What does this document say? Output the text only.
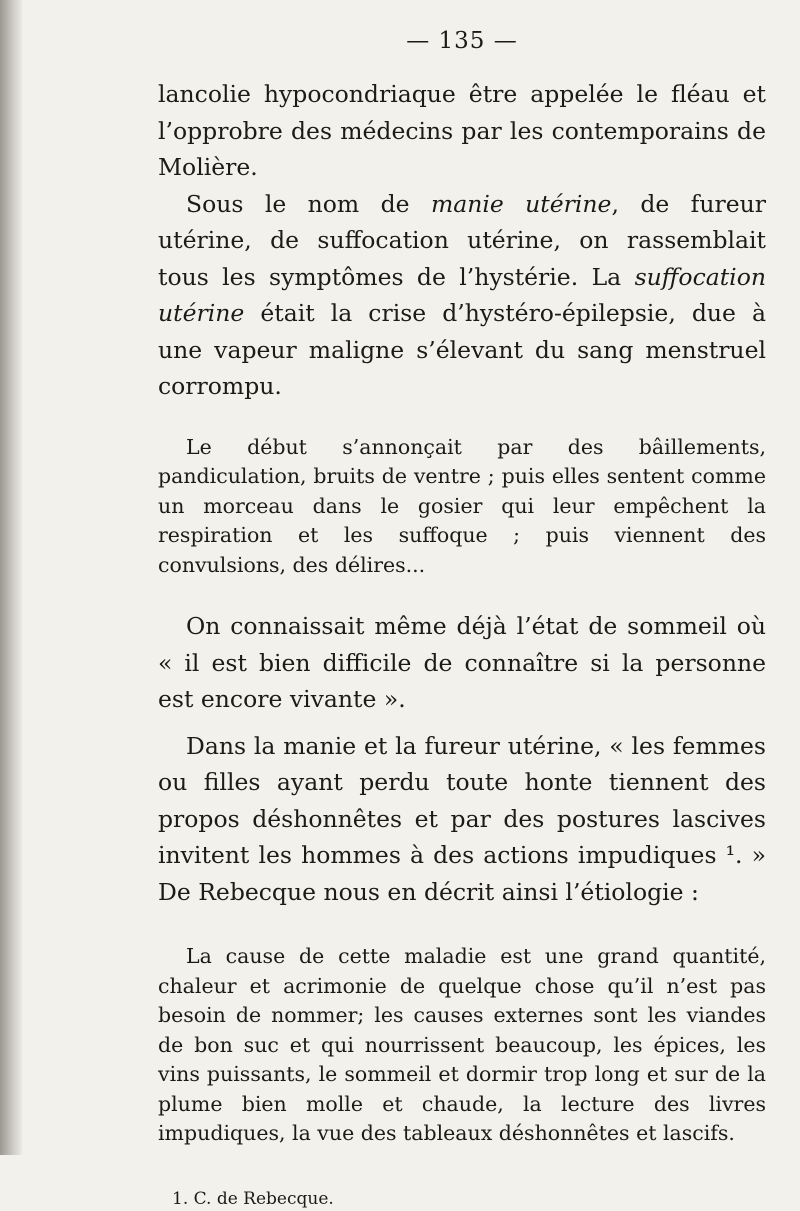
— 135 —

lancolie hypocondriaque être appelée le fléau et l’opprobre des médecins par les contemporains de Molière.

Sous le nom de manie utérine, de fureur utérine, de suffocation utérine, on rassemblait tous les symptômes de l’hystérie. La suffocation utérine était la crise d’hystéro-épilepsie, due à une vapeur maligne s’élevant du sang menstruel corrompu.

Le début s’annonçait par des bâillements, pandiculation, bruits de ventre ; puis elles sentent comme un morceau dans le gosier qui leur empêchent la respiration et les suffoque ; puis viennent des convulsions, des délires...

On connaissait même déjà l’état de sommeil où « il est bien difficile de connaître si la personne est encore vivante ».

Dans la manie et la fureur utérine, « les femmes ou filles ayant perdu toute honte tiennent des propos déshonnêtes et par des postures lascives invitent les hommes à des actions impudiques ¹. » De Rebecque nous en décrit ainsi l’étiologie :

La cause de cette maladie est une grand quantité, chaleur et acrimonie de quelque chose qu’il n’est pas besoin de nommer; les causes externes sont les viandes de bon suc et qui nourrissent beaucoup, les épices, les vins puissants, le sommeil et dormir trop long et sur de la plume bien molle et chaude, la lecture des livres impudiques, la vue des tableaux déshonnêtes et lascifs.

1. C. de Rebecque.
